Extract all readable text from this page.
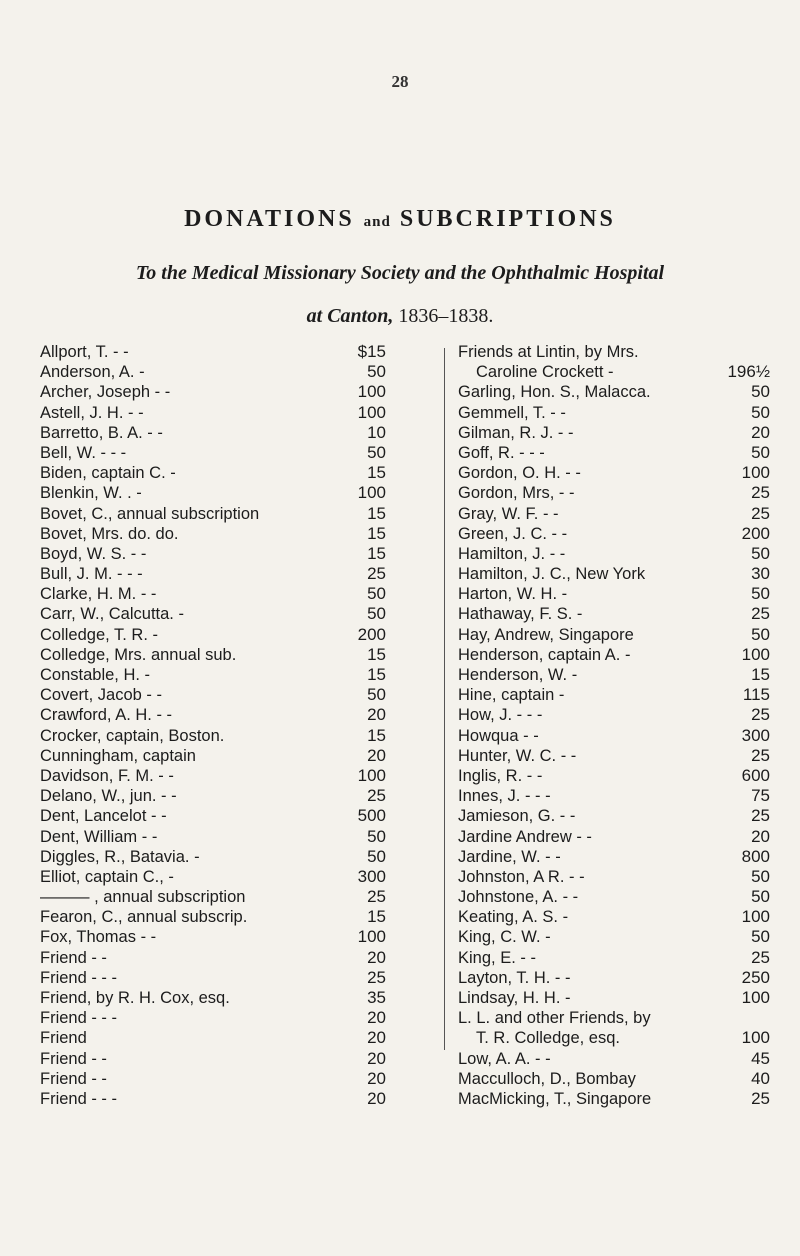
28
DONATIONS and SUBCRIPTIONS
To the Medical Missionary Society and the Ophthalmic Hospital
at Canton, 1836–1838.
Allport, T. - -	$15
Anderson, A. -	50
Archer, Joseph - -	100
Astell, J. H. - -	100
Barretto, B. A. - -	10
Bell, W. - - -	50
Biden, captain C. -	15
Blenkin, W. . -	100
Bovet, C., annual subscription	15
Bovet, Mrs. do. do.	15
Boyd, W. S. - -	15
Bull, J. M. - - -	25
Clarke, H. M. - -	50
Carr, W., Calcutta. -	50
Colledge, T. R. -	200
Colledge, Mrs. annual sub.	15
Constable, H. -	15
Covert, Jacob - -	50
Crawford, A. H. - -	20
Crocker, captain, Boston.	15
Cunningham, captain	20
Davidson, F. M. - -	100
Delano, W., jun. - -	25
Dent, Lancelot - -	500
Dent, William - -	50
Diggles, R., Batavia. -	50
Elliot, captain C., -	300
——— , annual subscription	25
Fearon, C., annual subscrip.	15
Fox, Thomas - -	100
Friend - -	20
Friend - - -	25
Friend, by R. H. Cox, esq.	35
Friend - - -	20
Friend	20
Friend - -	20
Friend - -	20
Friend - - -	20
Friends at Lintin, by Mrs.
Caroline Crockett -	196½
Garling, Hon. S., Malacca.	50
Gemmell, T. - -	50
Gilman, R. J. - -	20
Goff, R. - - -	50
Gordon, O. H. - -	100
Gordon, Mrs, - -	25
Gray, W. F. - -	25
Green, J. C. - -	200
Hamilton, J. - -	50
Hamilton, J. C., New York	30
Harton, W. H. -	50
Hathaway, F. S. -	25
Hay, Andrew, Singapore	50
Henderson, captain A. -	100
Henderson, W. -	15
Hine, captain -	115
How, J. - - -	25
Howqua - -	300
Hunter, W. C. - -	25
Inglis, R. - -	600
Innes, J. - - -	75
Jamieson, G. - -	25
Jardine Andrew - -	20
Jardine, W. - -	800
Johnston, A R. - -	50
Johnstone, A. - -	50
Keating, A. S. -	100
King, C. W. -	50
King, E. - -	25
Layton, T. H. - -	250
Lindsay, H. H. -	100
L. L. and other Friends, by
T. R. Colledge, esq.	100
Low, A. A. - -	45
Macculloch, D., Bombay	40
MacMicking, T., Singapore	25
